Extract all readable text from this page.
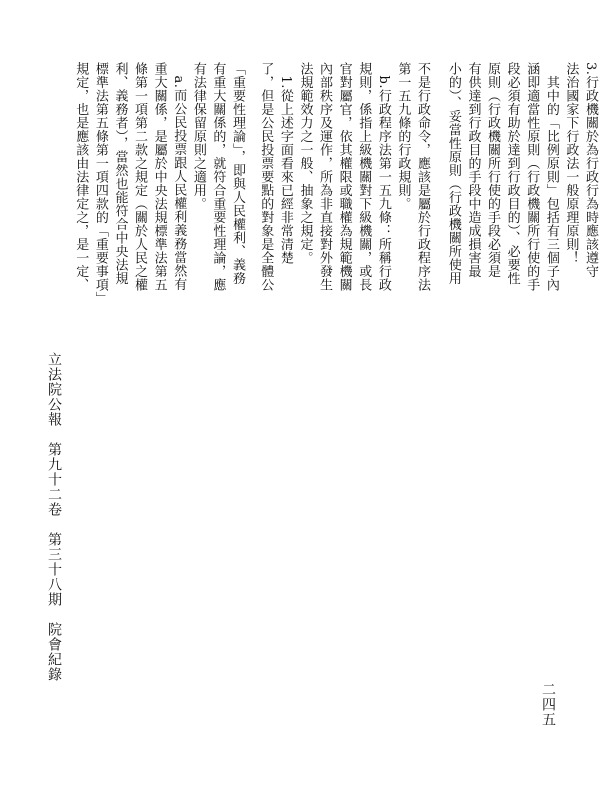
3.行政機關於為行政行為時應該遵守
法治國家下行政法一般原理原則！
　其中的「比例原則」包括有三個子內
涵即適當性原則（行政機關所行使的手
段必須有助於達到行政目的）、必要性
原則（行政機關所行使的手段必須是
有供達到行政目的手段中造成損害最
小的）、妥當性原則（行政機關所使用

不是行政命令，應該是屬於行政程序法
第一五九條的行政規則。
　b.行政程序法第一五九條：所稱行政
規則，係指上級機關對下級機關，或長
官對屬官，依其權限或職權為規範機關
內部秩序及運作，所為非直接對外發生
法規範效力之一般、抽象之規定。
　1.從上述字面看來已經非常清楚
了，但是公民投票要點的對象是全體公

「重要性理論」，即與人民權利、義務
有重大關係的，就符合重要性理論，應
有法律保留原則之適用。
　a.而公民投票跟人民權利義務當然有
重大關係，是屬於中央法規標準法第五
條第一項第二款之規定（關於人民之權
利、義務者），當然也能符合中央法規
標準法第五條第一項四款的「重要事項」
規定，也是應該由法律定之，是一定、

立法院公報　第九十二卷　第三十八期　院會紀錄
二四五
